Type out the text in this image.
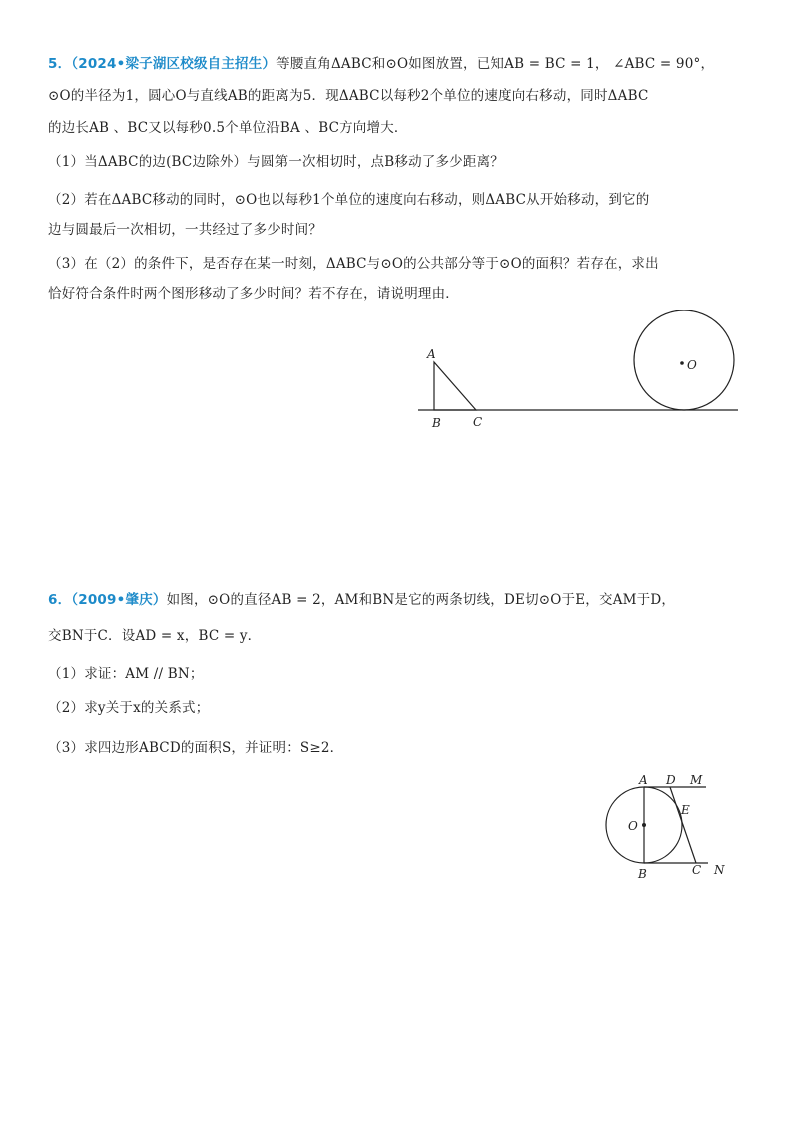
5．（2024•梁子湖区校级自主招生）等腰直角ΔABC和⊙O如图放置，已知AB = BC = 1， ∠ABC = 90°，
⊙O的半径为1，圆心O与直线AB的距离为5．现ΔABC以每秒2个单位的速度向右移动，同时ΔABC
的边长AB 、BC又以每秒0.5个单位沿BA 、BC方向增大．
（1）当ΔABC的边(BC边除外）与圆第一次相切时，点B移动了多少距离？
（2）若在ΔABC移动的同时，⊙O也以每秒1个单位的速度向右移动，则ΔABC从开始移动，到它的
边与圆最后一次相切，一共经过了多少时间？
（3）在（2）的条件下，是否存在某一时刻，ΔABC与⊙O的公共部分等于⊙O的面积？若存在，求出
恰好符合条件时两个图形移动了多少时间？若不存在，请说明理由．
A
B	C
O
6．（2009•肇庆）如图，⊙O的直径AB = 2，AM和BN是它的两条切线，DE切⊙O于E，交AM于D，
交BN于C．设AD = x，BC = y．
（1）求证：AM // BN；
（2）求y关于x的关系式；
（3）求四边形ABCD的面积S，并证明：S≥2．
A D M
E
O
B	C N
